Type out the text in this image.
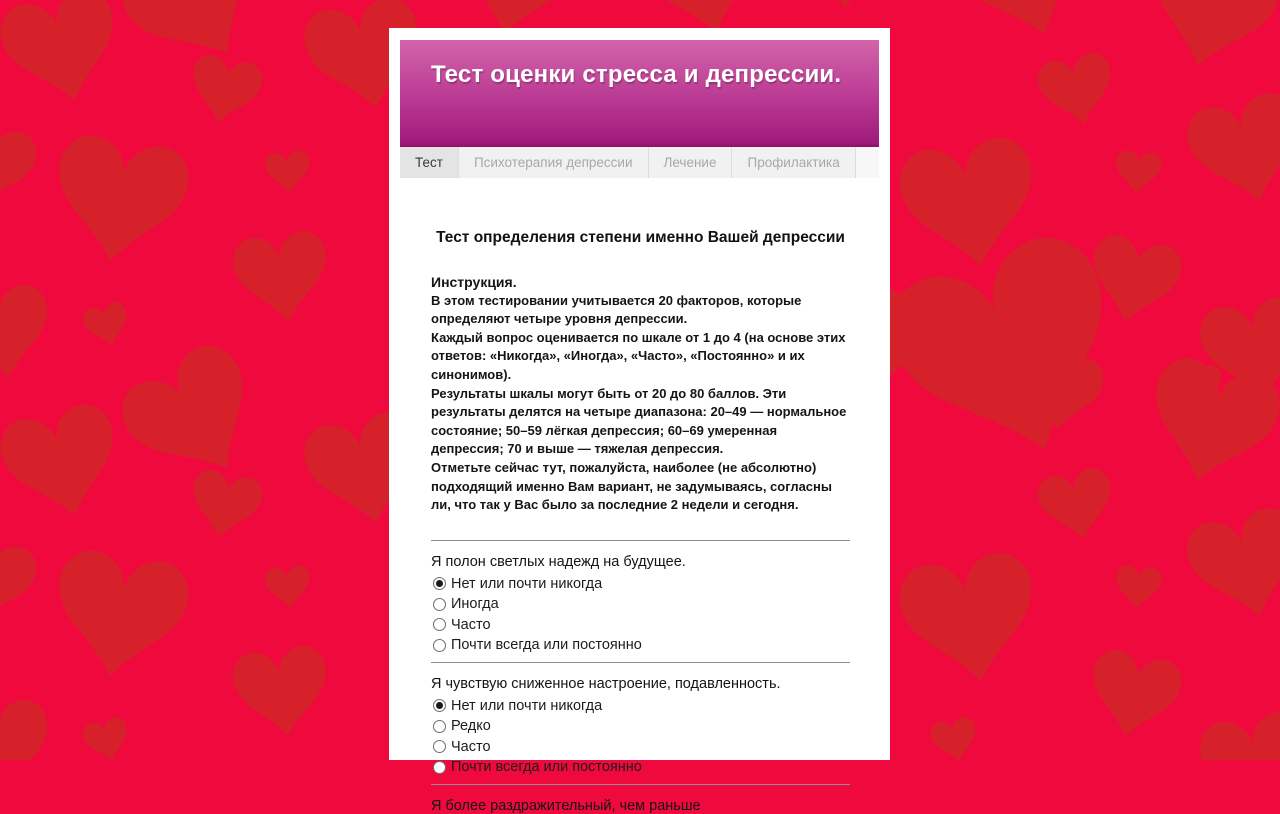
Тест оценки стресса и депрессии.
Тест	Психотерапия депрессии	Лечение	Профилактика
Тест определения степени именно Вашей депрессии
Инструкция.
В этом тестировании учитывается 20 факторов, которые определяют четыре уровня депрессии.
Каждый вопрос оценивается по шкале от 1 до 4 (на основе этих ответов: «Никогда», «Иногда», «Часто», «Постоянно» и их синонимов).
Результаты шкалы могут быть от 20 до 80 баллов. Эти результаты делятся на четыре диапазона: 20–49 — нормальное состояние; 50–59 лёгкая депрессия; 60–69 умеренная депрессия; 70 и выше — тяжелая депрессия.
Отметьте сейчас тут, пожалуйста, наиболее (не абсолютно) подходящий именно Вам вариант, не задумываясь, согласны ли, что так у Вас было за последние 2 недели и сегодня.
Я полон светлых надежд на будущее.
Нет или почти никогда
Иногда
Часто
Почти всегда или постоянно
Я чувствую сниженное настроение, подавленность.
Нет или почти никогда
Редко
Часто
Почти всегда или постоянно
Я более раздражительный, чем раньше
